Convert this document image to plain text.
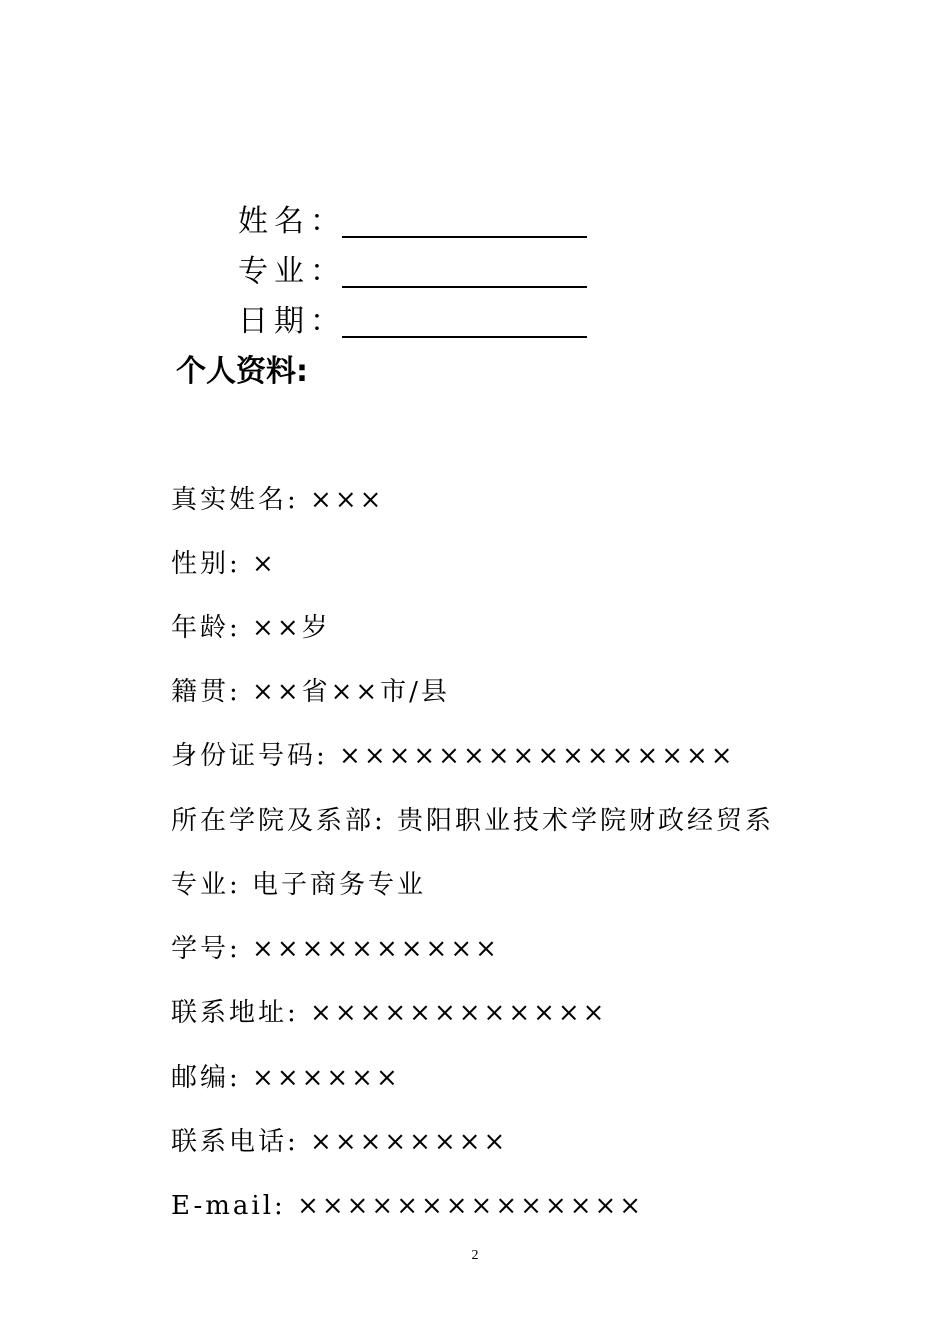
姓名：
专业：
日期：
个人资料:
真实姓名: ×××
性别: ×
年龄: ××岁
籍贯: ××省××市/县
身份证号码: ××××××××××××××××
所在学院及系部: 贵阳职业技术学院财政经贸系
专业: 电子商务专业
学号: ××××××××××
联系地址: ××××××××××××
邮编: ××××××
联系电话: ××××××××
E-mail: ××××××××××××××
2
